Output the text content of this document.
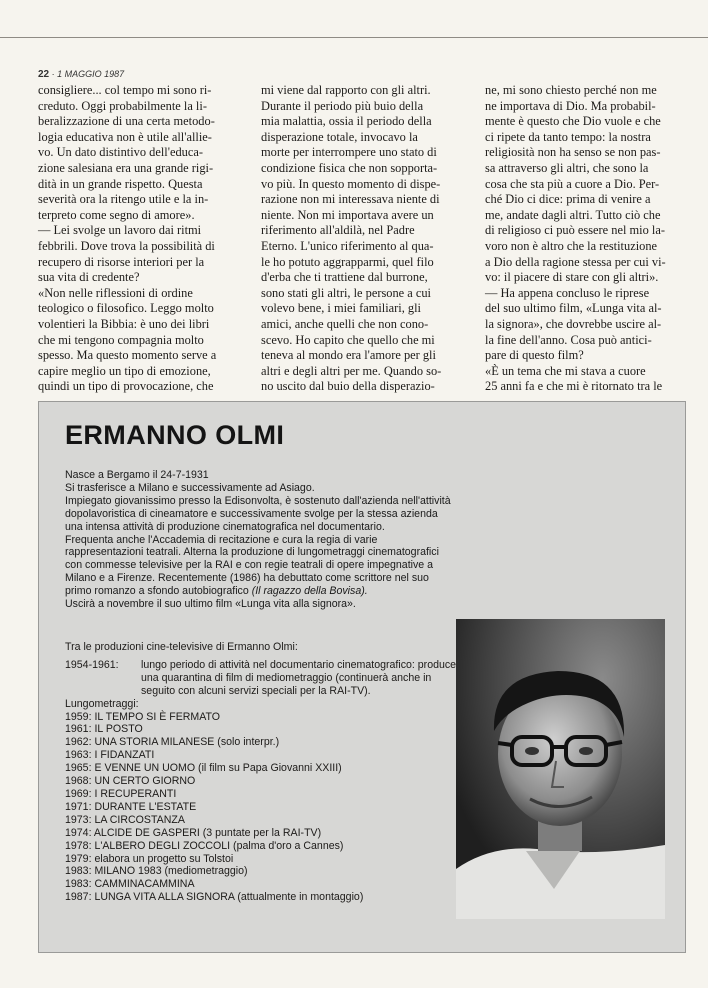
22 · 1 MAGGIO 1987
consigliere... col tempo mi sono ri-
creduto. Oggi probabilmente la li-
beralizzazione di una certa metodo-
logia educativa non è utile all'allie-
vo. Un dato distintivo dell'educa-
zione salesiana era una grande rigi-
dità in un grande rispetto. Questa
severità ora la ritengo utile e la in-
terpreto come segno di amore».
— Lei svolge un lavoro dai ritmi
febbrili. Dove trova la possibilità di
recupero di risorse interiori per la
sua vita di credente?
«Non nelle riflessioni di ordine
teologico o filosofico. Leggo molto
volentieri la Bibbia: è uno dei libri
che mi tengono compagnia molto
spesso. Ma questo momento serve a
capire meglio un tipo di emozione,
quindi un tipo di provocazione, che
mi viene dal rapporto con gli altri.
Durante il periodo più buio della
mia malattia, ossia il periodo della
disperazione totale, invocavo la
morte per interrompere uno stato di
condizione fisica che non sopporta-
vo più. In questo momento di dispe-
razione non mi interessava niente di
niente. Non mi importava avere un
riferimento all'aldilà, nel Padre
Eterno. L'unico riferimento al qua-
le ho potuto aggrapparmi, quel filo
d'erba che ti trattiene dal burrone,
sono stati gli altri, le persone a cui
volevo bene, i miei familiari, gli
amici, anche quelli che non cono-
scevo. Ho capito che quello che mi
teneva al mondo era l'amore per gli
altri e degli altri per me. Quando so-
no uscito dal buio della disperazio-
ne, mi sono chiesto perché non me
ne importava di Dio. Ma probabil-
mente è questo che Dio vuole e che
ci ripete da tanto tempo: la nostra
religiosità non ha senso se non pas-
sa attraverso gli altri, che sono la
cosa che sta più a cuore a Dio. Per-
ché Dio ci dice: prima di venire a
me, andate dagli altri. Tutto ciò che
di religioso ci può essere nel mio la-
voro non è altro che la restituzione
a Dio della ragione stessa per cui vi-
vo: il piacere di stare con gli altri».
— Ha appena concluso le riprese
del suo ultimo film, «Lunga vita al-
la signora», che dovrebbe uscire al-
la fine dell'anno. Cosa può antici-
pare di questo film?
«È un tema che mi stava a cuore
25 anni fa e che mi è ritornato tra le
ERMANNO OLMI

Nasce a Bergamo il 24-7-1931

Si trasferisce a Milano e successivamente ad Asiago.

Impiegato giovanissimo presso la Edisonvolta, è sostenuto dall'azienda nell'attività dopolavoristica di cineamatore e successivamente svolge per la stessa azienda una intensa attività di produzione cinematografica nel documentario.

Frequenta anche l'Accademia di recitazione e cura la regia di varie rappresentazioni teatrali. Alterna la produzione di lungometraggi cinematografici con commesse televisive per la RAI e con regie teatrali di opere impegnative a Milano e a Firenze. Recentemente (1986) ha debuttato come scrittore nel suo primo romanzo a sfondo autobiografico (Il ragazzo della Bovisa).

Uscirà a novembre il suo ultimo film «Lunga vita alla signora».

Tra le produzioni cine-televisive di Ermanno Olmi:
1954-1961:	lungo periodo di attività nel documentario cinematografico: produce una quarantina di film di mediometraggio (continuerà anche in seguito con alcuni servizi speciali per la RAI-TV).
Lungometraggi:
1959: IL TEMPO SI È FERMATO
1961: IL POSTO
1962: UNA STORIA MILANESE (solo interpr.)
1963: I FIDANZATI
1965: E VENNE UN UOMO (il film su Papa Giovanni XXIII)
1968: UN CERTO GIORNO
1969: I RECUPERANTI
1971: DURANTE L'ESTATE
1973: LA CIRCOSTANZA
1974: ALCIDE DE GASPERI (3 puntate per la RAI-TV)
1978: L'ALBERO DEGLI ZOCCOLI (palma d'oro a Cannes)
1979: elabora un progetto su Tolstoi
1983: MILANO 1983 (mediometraggio)
1983: CAMMINACAMMINA
1987: LUNGA VITA ALLA SIGNORA (attualmente in montaggio)
